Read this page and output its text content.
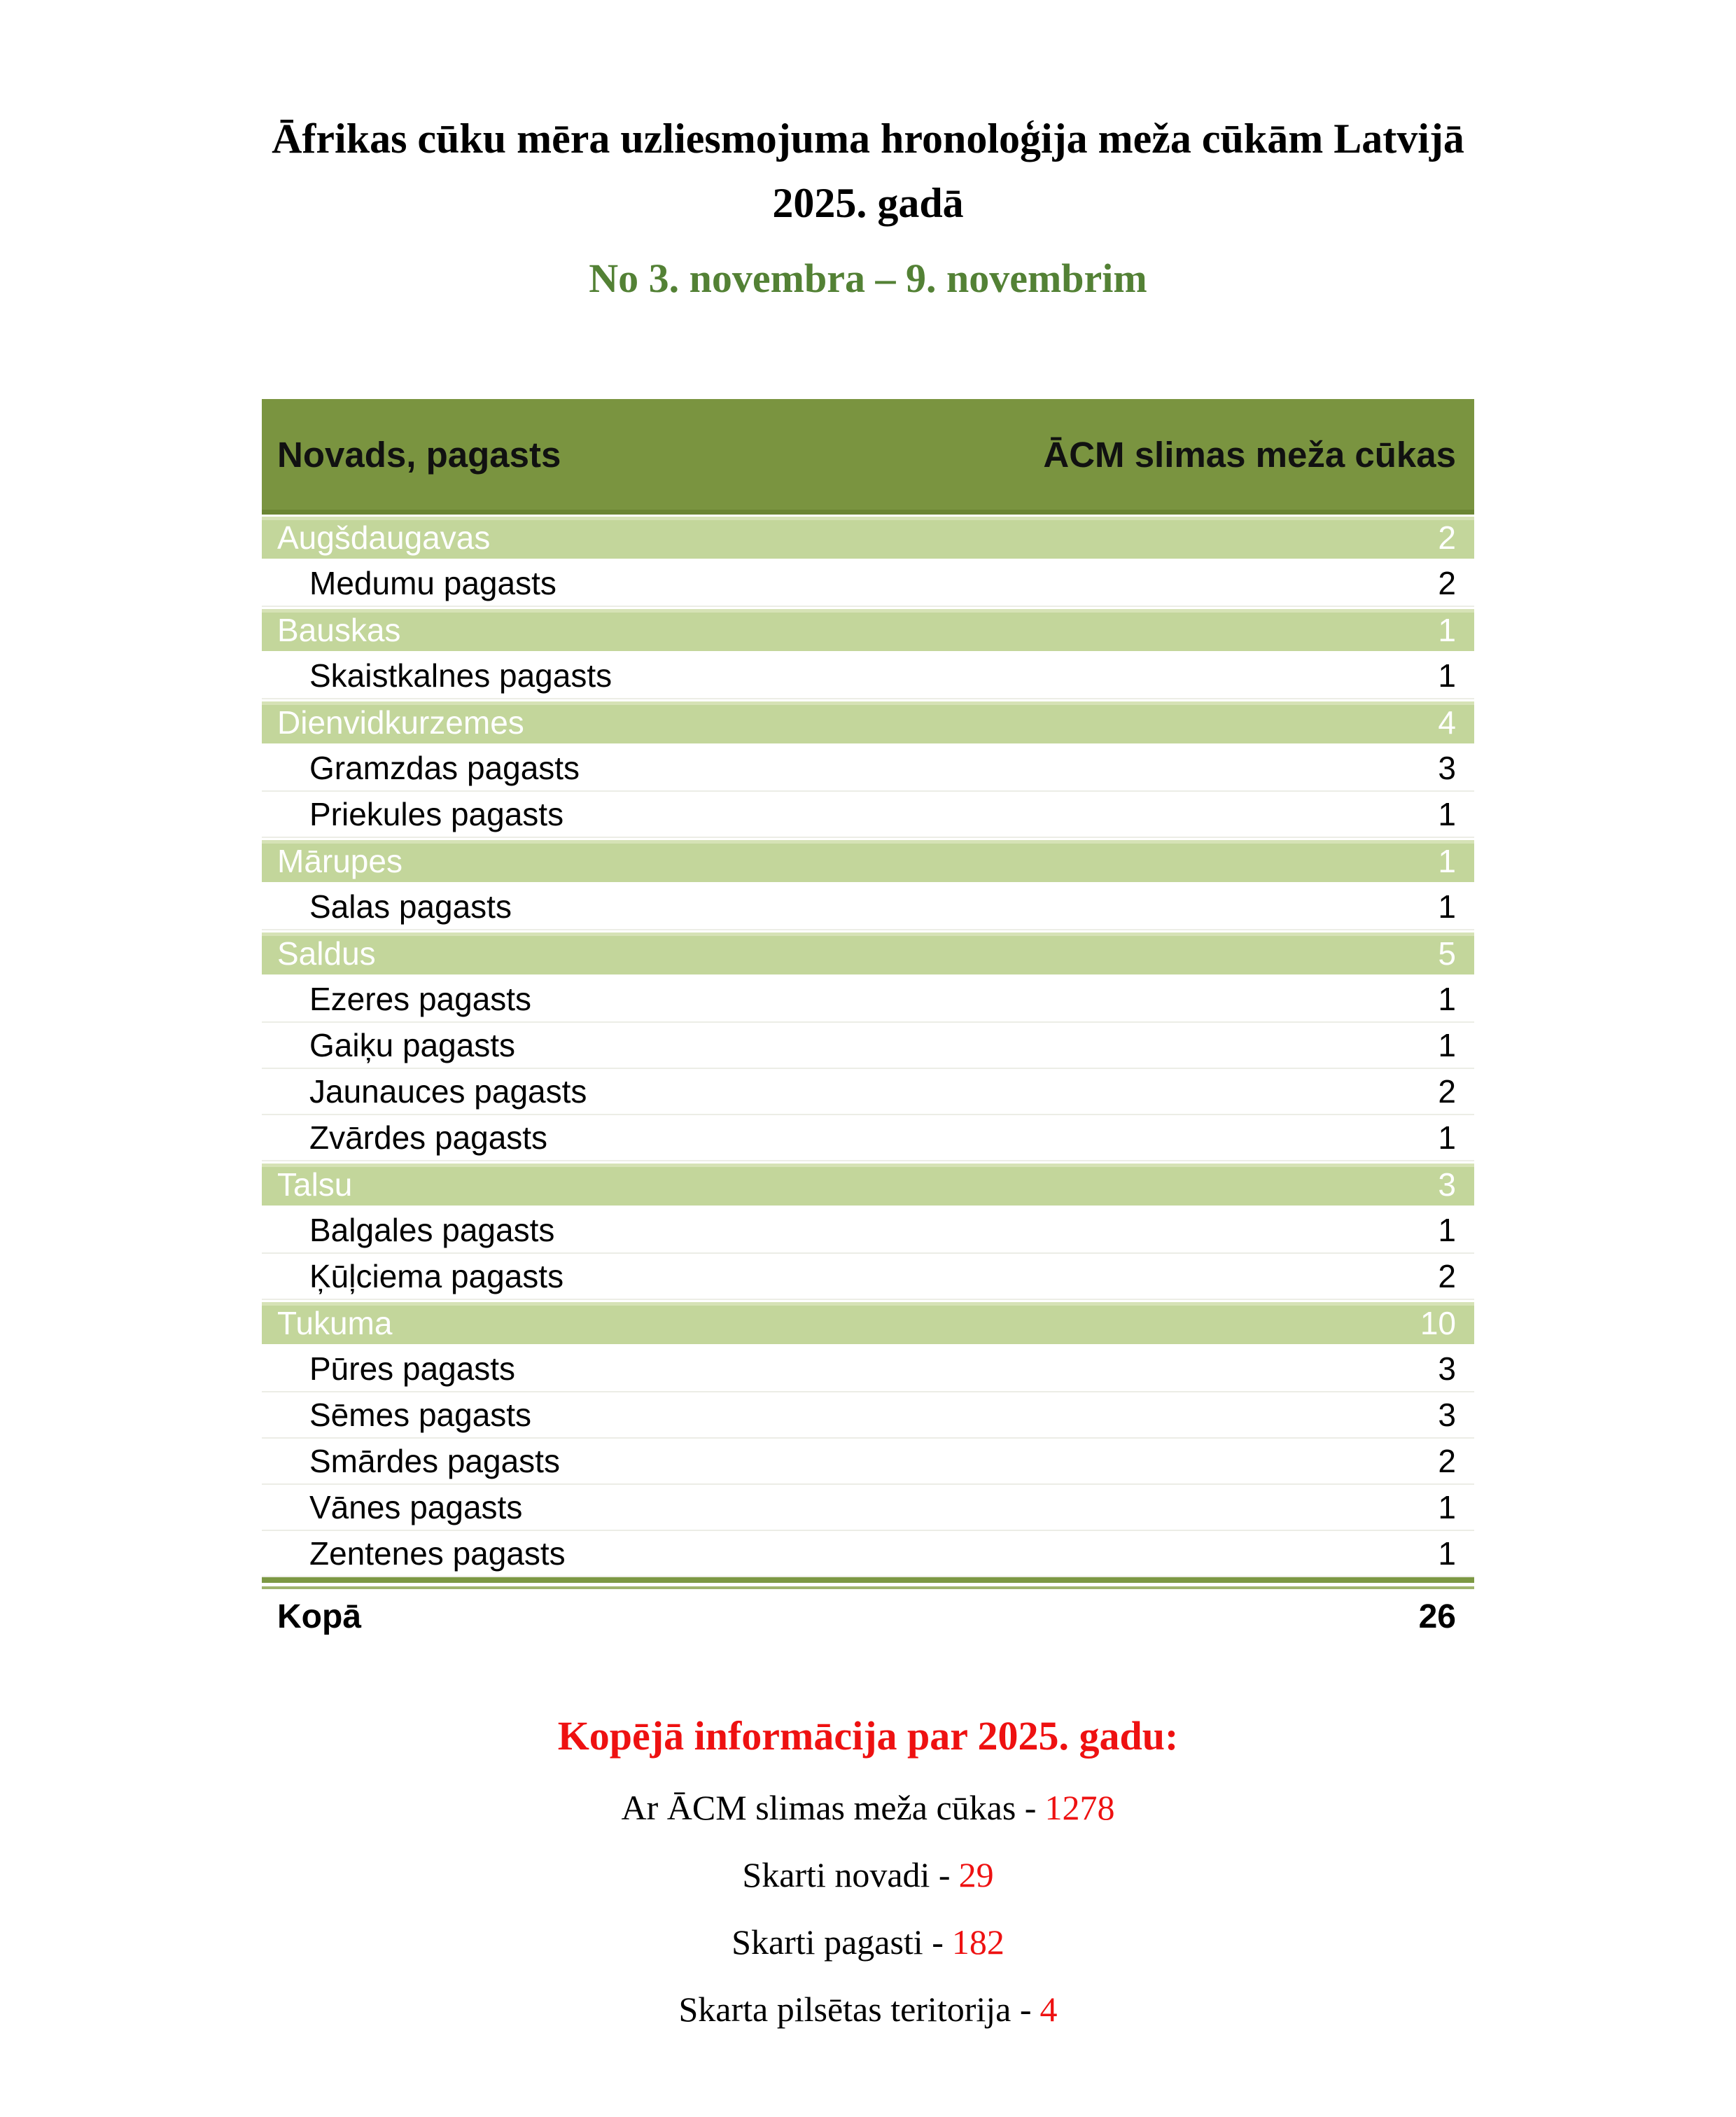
Āfrikas cūku mēra uzliesmojuma hronoloģija meža cūkām Latvijā
2025. gadā
No 3. novembra – 9. novembrim
Novads, pagasts	ĀCM slimas meža cūkas
Augšdaugavas	2
Medumu pagasts	2
Bauskas	1
Skaistkalnes pagasts	1
Dienvidkurzemes	4
Gramzdas pagasts	3
Priekules pagasts	1
Mārupes	1
Salas pagasts	1
Saldus	5
Ezeres pagasts	1
Gaiķu pagasts	1
Jaunauces pagasts	2
Zvārdes pagasts	1
Talsu	3
Balgales pagasts	1
Ķūļciema pagasts	2
Tukuma	10
Pūres pagasts	3
Sēmes pagasts	3
Smārdes pagasts	2
Vānes pagasts	1
Zentenes pagasts	1
Kopā	26
Kopējā informācija par 2025. gadu:

Ar ĀCM slimas meža cūkas - 1278

Skarti novadi - 29

Skarti pagasti - 182

Skarta pilsētas teritorija - 4
